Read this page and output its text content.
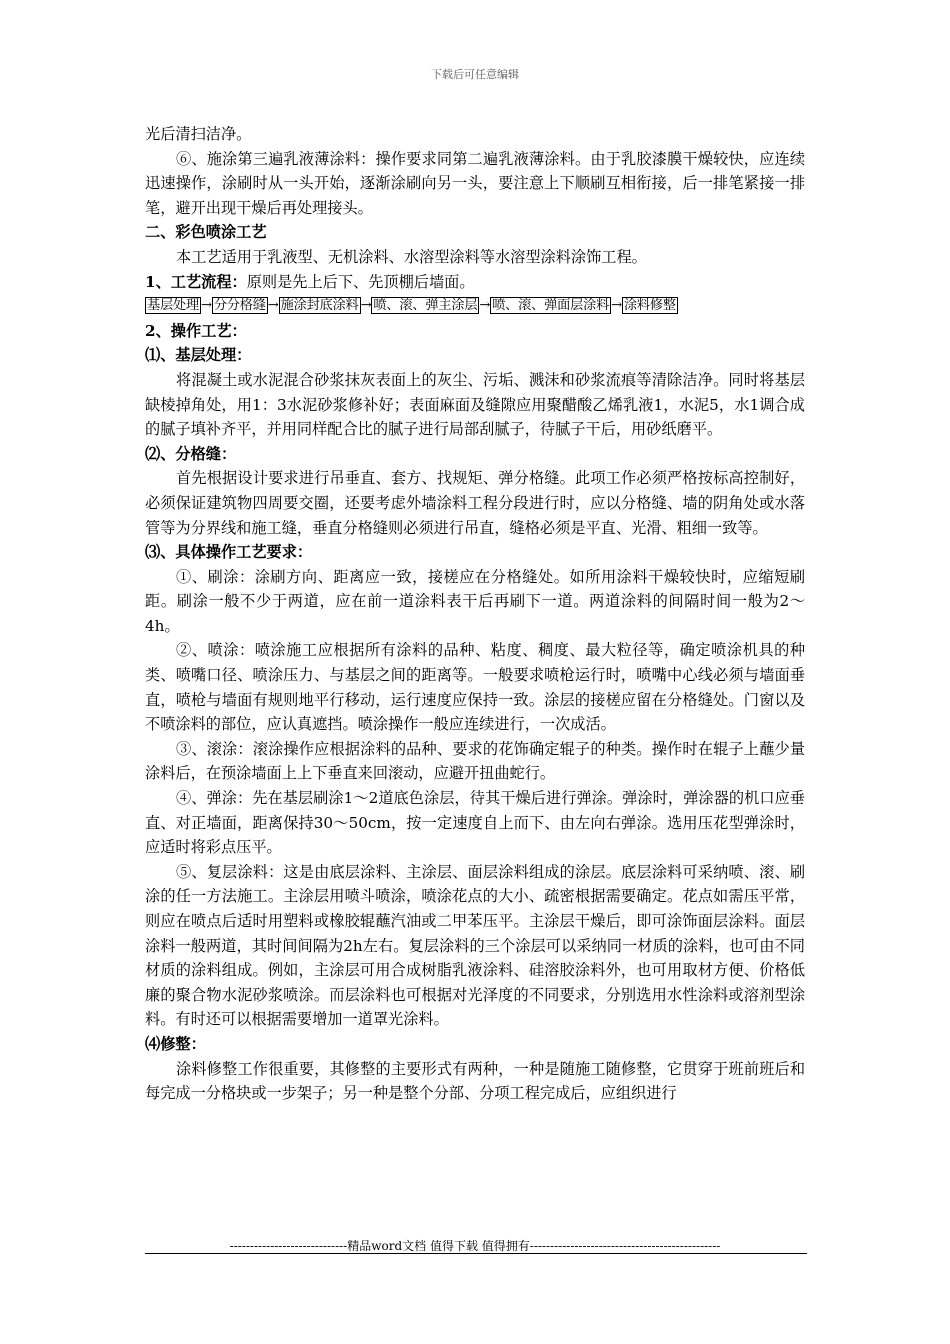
下载后可任意编辑

光后清扫洁净。

⑥、施涂第三遍乳液薄涂料：操作要求同第二遍乳液薄涂料。由于乳胶漆膜干燥较快，应连续迅速操作，涂刷时从一头开始，逐渐涂刷向另一头，要注意上下顺刷互相衔接，后一排笔紧接一排笔，避开出现干燥后再处理接头。

二、彩色喷涂工艺

本工艺适用于乳液型、无机涂料、水溶型涂料等水溶型涂料涂饰工程。

1、工艺流程：原则是先上后下、先顶棚后墙面。

基层处理 → 分分格缝 → 施涂封底涂料 → 喷、滚、弹主涂层 → 喷、滚、弹面层涂料 → 涂料修整

2、操作工艺：

⑴、基层处理：

将混凝土或水泥混合砂浆抹灰表面上的灰尘、污垢、溅沫和砂浆流痕等清除洁净。同时将基层缺棱掉角处，用1：3水泥砂浆修补好；表面麻面及缝隙应用聚醋酸乙烯乳液1，水泥5，水1调合成的腻子填补齐平，并用同样配合比的腻子进行局部刮腻子，待腻子干后，用砂纸磨平。

⑵、分格缝：

首先根据设计要求进行吊垂直、套方、找规矩、弹分格缝。此项工作必须严格按标高控制好，必须保证建筑物四周要交圈，还要考虑外墙涂料工程分段进行时，应以分格缝、墙的阴角处或水落管等为分界线和施工缝，垂直分格缝则必须进行吊直，缝格必须是平直、光滑、粗细一致等。

⑶、具体操作工艺要求：

①、刷涂：涂刷方向、距离应一致，接槎应在分格缝处。如所用涂料干燥较快时，应缩短刷距。刷涂一般不少于两道，应在前一道涂料表干后再刷下一道。两道涂料的间隔时间一般为2～4h。

②、喷涂：喷涂施工应根据所有涂料的品种、粘度、稠度、最大粒径等，确定喷涂机具的种类、喷嘴口径、喷涂压力、与基层之间的距离等。一般要求喷枪运行时，喷嘴中心线必须与墙面垂直，喷枪与墙面有规则地平行移动，运行速度应保持一致。涂层的接槎应留在分格缝处。门窗以及不喷涂料的部位，应认真遮挡。喷涂操作一般应连续进行，一次成活。

③、滚涂：滚涂操作应根据涂料的品种、要求的花饰确定辊子的种类。操作时在辊子上蘸少量涂料后，在预涂墙面上上下垂直来回滚动，应避开扭曲蛇行。

④、弹涂：先在基层刷涂1～2道底色涂层，待其干燥后进行弹涂。弹涂时，弹涂器的机口应垂直、对正墙面，距离保持30～50cm，按一定速度自上而下、由左向右弹涂。选用压花型弹涂时，应适时将彩点压平。

⑤、复层涂料：这是由底层涂料、主涂层、面层涂料组成的涂层。底层涂料可采纳喷、滚、刷涂的任一方法施工。主涂层用喷斗喷涂，喷涂花点的大小、疏密根据需要确定。花点如需压平常，则应在喷点后适时用塑料或橡胶辊蘸汽油或二甲苯压平。主涂层干燥后，即可涂饰面层涂料。面层涂料一般两道，其时间间隔为2h左右。复层涂料的三个涂层可以采纳同一材质的涂料，也可由不同材质的涂料组成。例如，主涂层可用合成树脂乳液涂料、硅溶胶涂料外，也可用取材方便、价格低廉的聚合物水泥砂浆喷涂。而层涂料也可根据对光泽度的不同要求，分别选用水性涂料或溶剂型涂料。有时还可以根据需要增加一道罩光涂料。

⑷修整：

涂料修整工作很重要，其修整的主要形式有两种，一种是随施工随修整，它贯穿于班前班后和每完成一分格块或一步架子；另一种是整个分部、分项工程完成后，应组织进行

-----------------------------精品word文档 值得下载 值得拥有-----------------------------------------------
